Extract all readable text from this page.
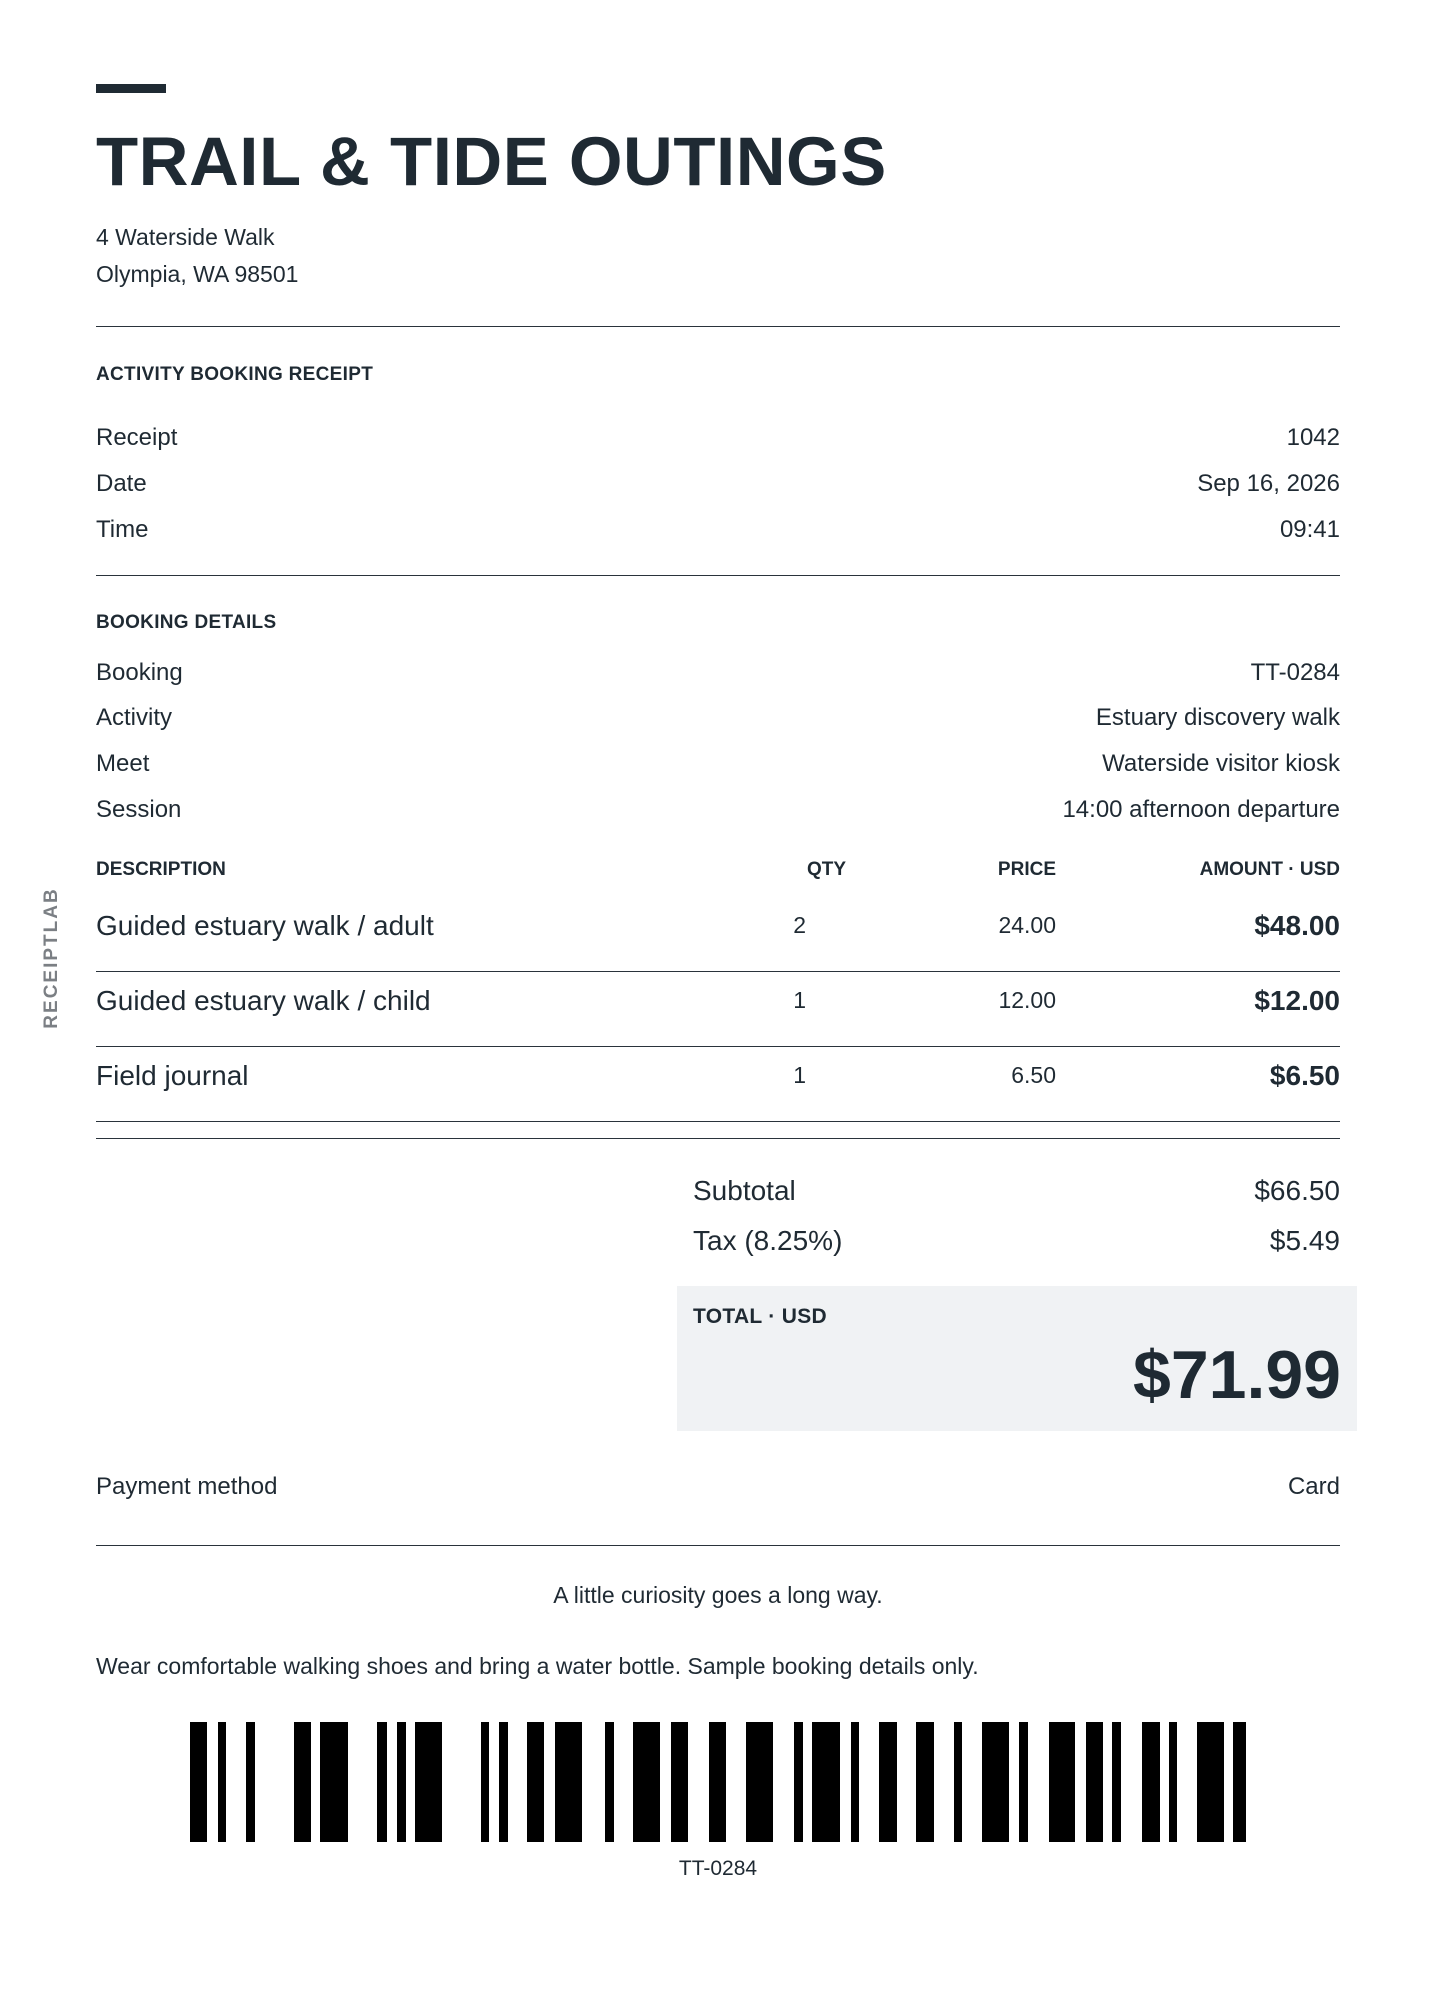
RECEIPTLAB
TRAIL & TIDE OUTINGS
4 Waterside Walk
Olympia, WA 98501
ACTIVITY BOOKING RECEIPT
Receipt	1042
Date	Sep 16, 2026
Time	09:41
BOOKING DETAILS
Booking	TT-0284
Activity	Estuary discovery walk
Meet	Waterside visitor kiosk
Session	14:00 afternoon departure
DESCRIPTION	QTY	PRICE	AMOUNT · USD
Guided estuary walk / adult	2	24.00	$48.00
Guided estuary walk / child	1	12.00	$12.00
Field journal	1	6.50	$6.50
Subtotal	$66.50
Tax (8.25%)	$5.49
TOTAL · USD
$71.99
Payment method	Card
A little curiosity goes a long way.
Wear comfortable walking shoes and bring a water bottle. Sample booking details only.
TT-0284
